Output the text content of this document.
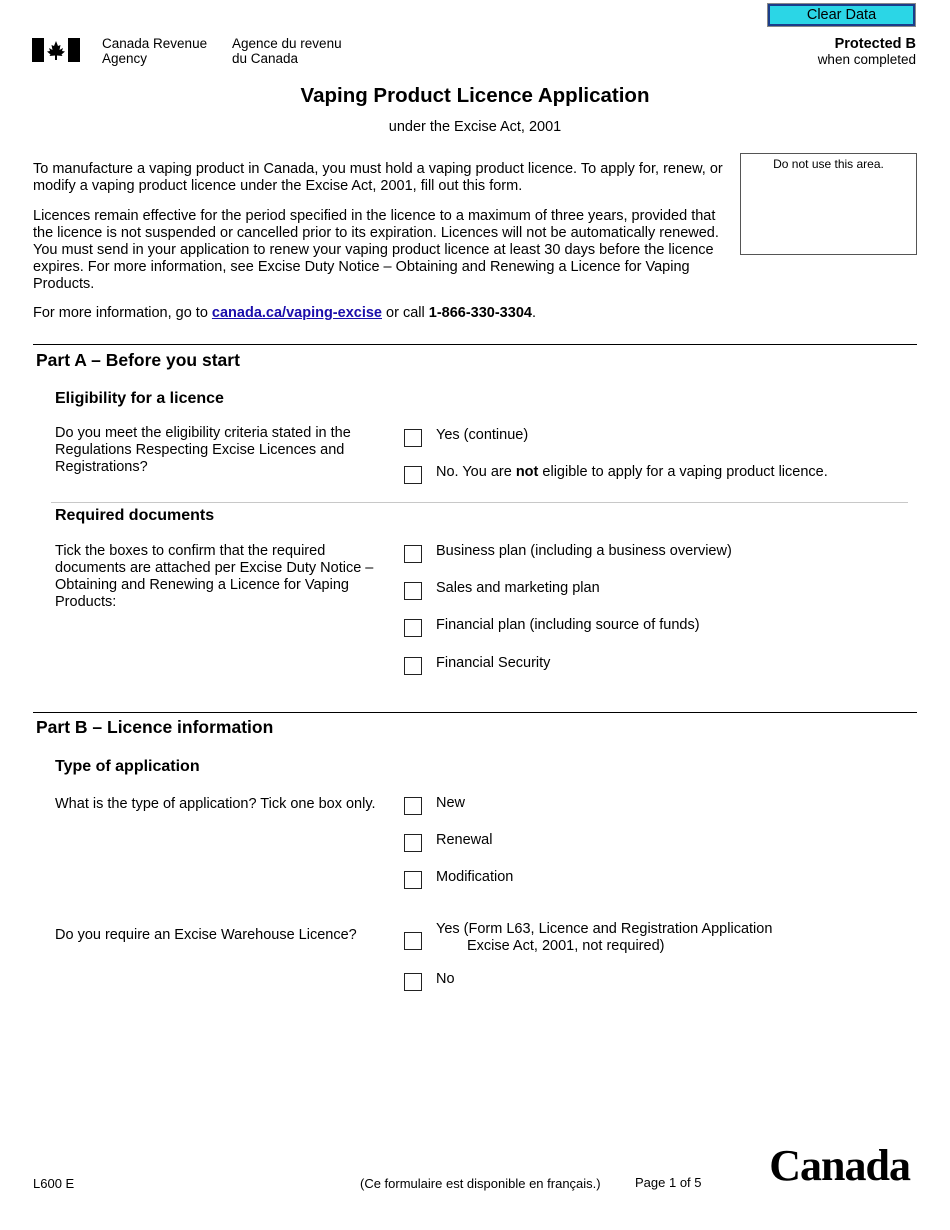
Clear Data
Protected B
when completed
Canada Revenue
Agency
Agence du revenu
du Canada
Vaping Product Licence Application
under the Excise Act, 2001

To manufacture a vaping product in Canada, you must hold a vaping product licence. To apply for, renew, or modify a vaping product licence under the Excise Act, 2001, fill out this form.

Licences remain effective for the period specified in the licence to a maximum of three years, provided that the licence is not suspended or cancelled prior to its expiration. Licences will not be automatically renewed. You must send in your application to renew your vaping product licence at least 30 days before the licence expires. For more information, see Excise Duty Notice – Obtaining and Renewing a Licence for Vaping Products.

For more information, go to canada.ca/vaping-excise or call 1-866-330-3304.

Do not use this area.
Part A – Before you start
Eligibility for a licence
Do you meet the eligibility criteria stated in the Regulations Respecting Excise Licences and Registrations?
Yes (continue)
No. You are not eligible to apply for a vaping product licence.
Required documents
Tick the boxes to confirm that the required documents are attached per Excise Duty Notice – Obtaining and Renewing a Licence for Vaping Products:
Business plan (including a business overview)
Sales and marketing plan
Financial plan (including source of funds)
Financial Security
Part B – Licence information
Type of application
What is the type of application? Tick one box only.	New
Renewal
Modification
Do you require an Excise Warehouse Licence?	Yes (Form L63, Licence and Registration Application
Excise Act, 2001, not required)
No
L600 E	(Ce formulaire est disponible en français.)	Page 1 of 5 Canada
